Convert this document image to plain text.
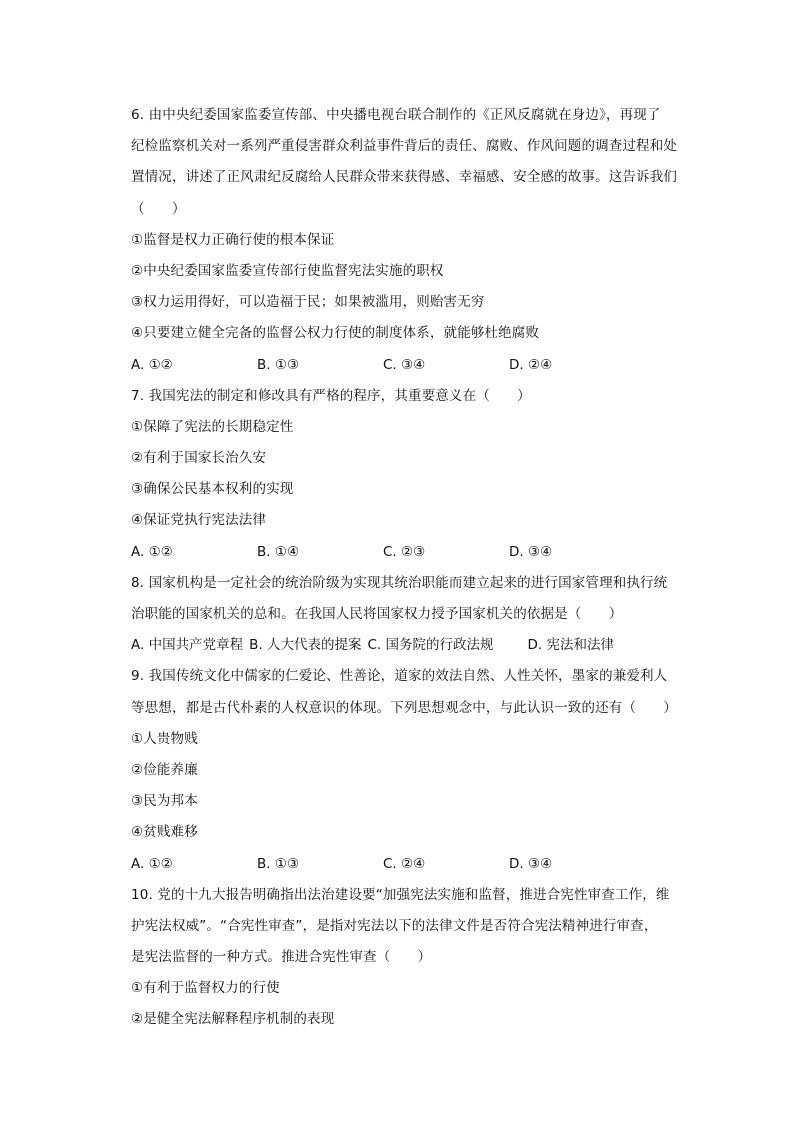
6. 由中央纪委国家监委宣传部、中央播电视台联合制作的《正风反腐就在身边》，再现了
纪检监察机关对一系列严重侵害群众利益事件背后的责任、腐败、作风问题的调查过程和处
置情况，讲述了正风肃纪反腐给人民群众带来获得感、幸福感、安全感的故事。这告诉我们
（　　）
①监督是权力正确行使的根本保证
②中央纪委国家监委宣传部行使监督宪法实施的职权
③权力运用得好，可以造福于民；如果被滥用，则贻害无穷
④只要建立健全完备的监督公权力行使的制度体系，就能够杜绝腐败
A. ①②	B. ①③	C. ③④	D. ②④
7. 我国宪法的制定和修改具有严格的程序，其重要意义在（　　）
①保障了宪法的长期稳定性
②有利于国家长治久安
③确保公民基本权利的实现
④保证党执行宪法法律
A. ①②	B. ①④	C. ②③	D. ③④
8. 国家机构是一定社会的统治阶级为实现其统治职能而建立起来的进行国家管理和执行统
治职能的国家机关的总和。在我国人民将国家权力授予国家机关的依据是（　　）
A. 中国共产党章程 B. 人大代表的提案 C. 国务院的行政法规	D. 宪法和法律
9. 我国传统文化中儒家的仁爱论、性善论，道家的效法自然、人性关怀，墨家的兼爱利人
等思想，都是古代朴素的人权意识的体现。下列思想观念中，与此认识一致的还有（　　）
①人贵物贱
②俭能养廉
③民为邦本
④贫贱难移
A. ①②	B. ①③	C. ②④	D. ③④
10. 党的十九大报告明确指出法治建设要“加强宪法实施和监督，推进合宪性审查工作，维
护宪法权威”。“合宪性审查”，是指对宪法以下的法律文件是否符合宪法精神进行审查，
是宪法监督的一种方式。推进合宪性审查（　　）
①有利于监督权力的行使
②是健全宪法解释程序机制的表现
